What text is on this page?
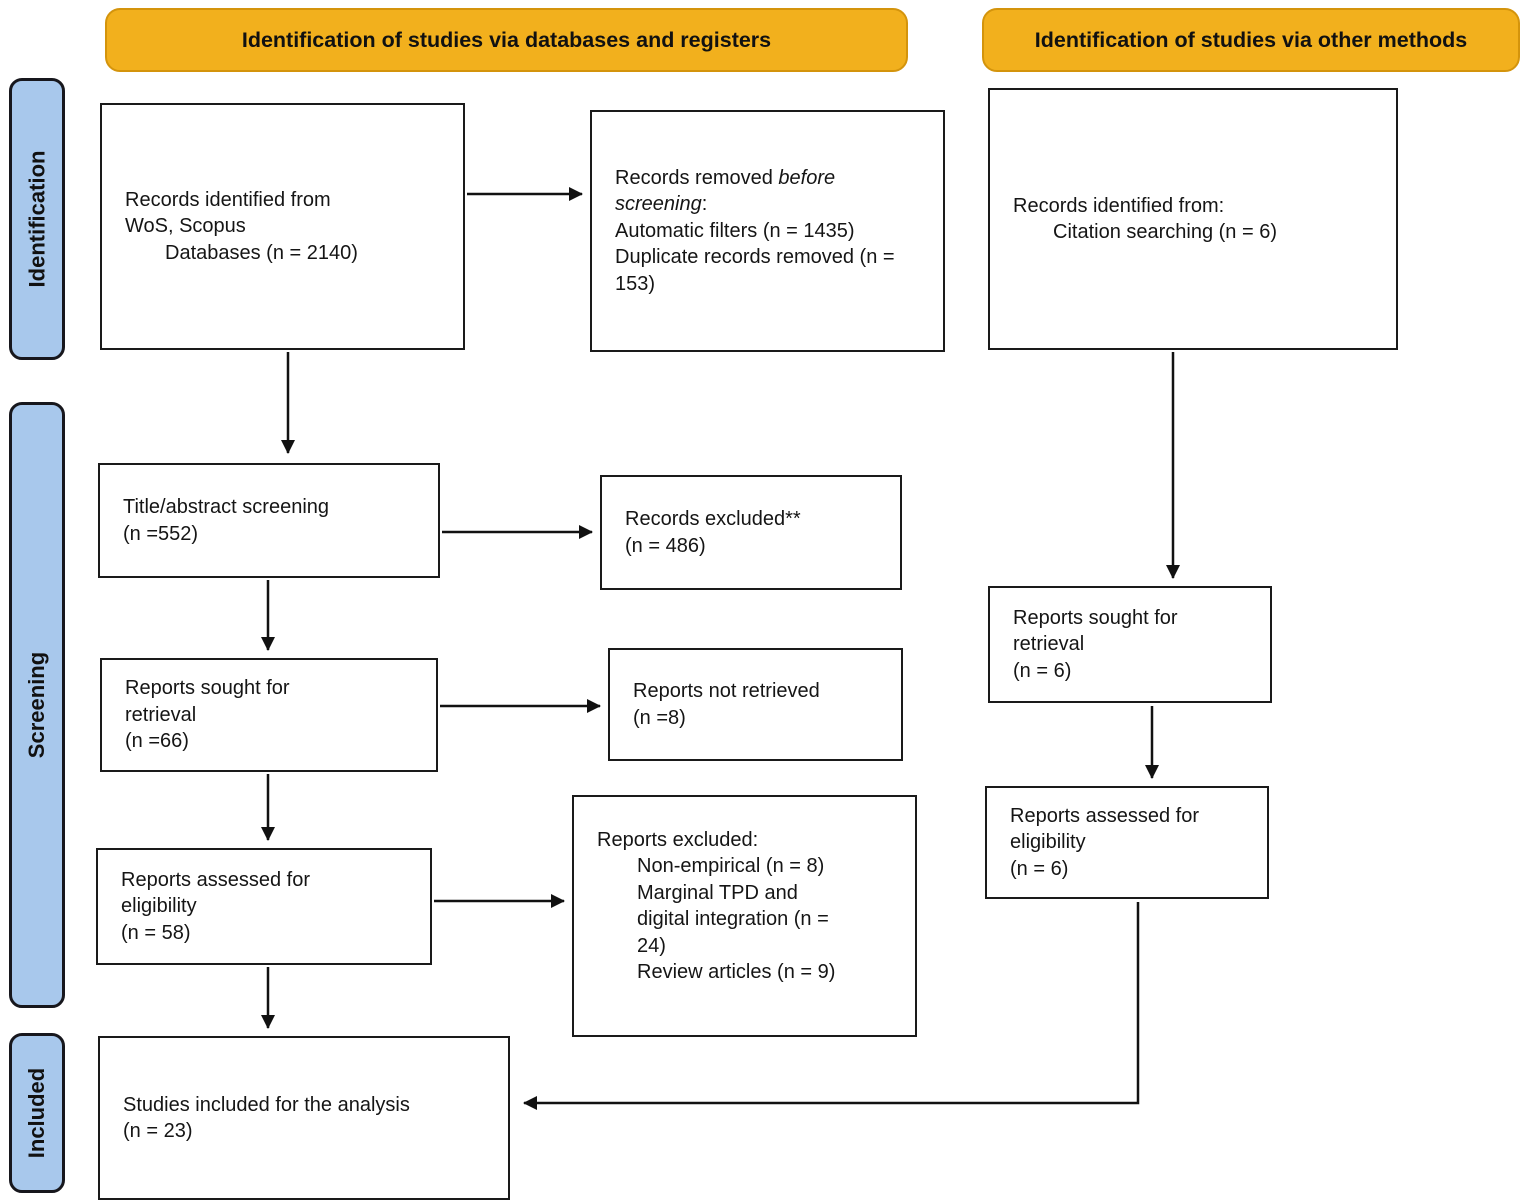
Identification of studies via databases and registers	Identification of studies via other methods
Identification
Screening
Included
Records identified from
WoS, Scopus
Databases (n = 2140)
Records removed before screening:
Automatic filters (n = 1435)
Duplicate records removed (n = 153)
Records identified from:
Citation searching (n = 6)
Title/abstract screening
(n =552)
Records excluded**
(n = 486)
Reports sought for
retrieval
(n =66)
Reports not retrieved
(n =8)
Reports assessed for
eligibility
(n = 58)
Reports excluded:
Non-empirical (n = 8)
Marginal TPD and digital integration (n = 24)
Review articles (n = 9)
Reports sought for
retrieval
(n = 6)
Reports assessed for
eligibility
(n = 6)
Studies included for the analysis
(n = 23)
